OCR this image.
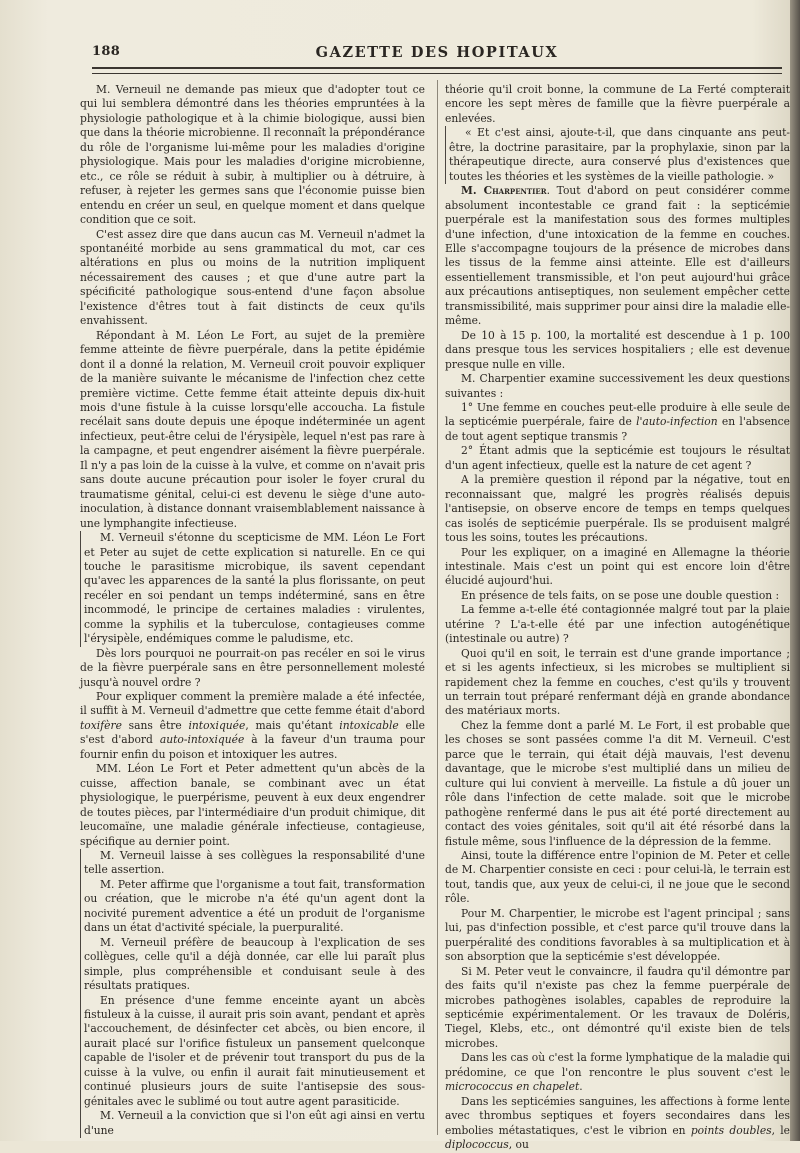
188	GAZETTE DES HOPITAUX

M. Verneuil ne demande pas mieux que d'adopter tout ce qui lui semblera démontré dans les théories empruntées à la physiologie pathologique et à la chimie biologique, aussi bien que dans la théorie microbienne. Il reconnaît la prépondérance du rôle de l'organisme lui-même pour les maladies d'origine physiologique. Mais pour les maladies d'origine microbienne, etc., ce rôle se réduit à subir, à multiplier ou à détruire, à refuser, à rejeter les germes sans que l'économie puisse bien entendu en créer un seul, en quelque moment et dans quelque condition que ce soit.

C'est assez dire que dans aucun cas M. Verneuil n'admet la spontanéité morbide au sens grammatical du mot, car ces altérations en plus ou moins de la nutrition impliquent nécessairement des causes ; et que d'une autre part la spécificité pathologique sous-entend d'une façon absolue l'existence d'êtres tout à fait distincts de ceux qu'ils envahissent.

Répondant à M. Léon Le Fort, au sujet de la première femme atteinte de fièvre puerpérale, dans la petite épidémie dont il a donné la relation, M. Verneuil croit pouvoir expliquer de la manière suivante le mécanisme de l'infection chez cette première victime. Cette femme était atteinte depuis dix-huit mois d'une fistule à la cuisse lorsqu'elle accoucha. La fistule recélait sans doute depuis une époque indéterminée un agent infectieux, peut-être celui de l'érysipèle, lequel n'est pas rare à la campagne, et peut engendrer aisément la fièvre puerpérale. Il n'y a pas loin de la cuisse à la vulve, et comme on n'avait pris sans doute aucune précaution pour isoler le foyer crural du traumatisme génital, celui-ci est devenu le siège d'une auto-inoculation, à distance donnant vraisemblablement naissance à une lymphangite infectieuse.

M. Verneuil s'étonne du scepticisme de MM. Léon Le Fort et Peter au sujet de cette explication si naturelle. En ce qui touche le parasitisme microbique, ils savent cependant qu'avec les apparences de la santé la plus florissante, on peut recéler en soi pendant un temps indéterminé, sans en être incommodé, le principe de certaines maladies : virulentes, comme la syphilis et la tuberculose, contagieuses comme l'érysipèle, endémiques comme le paludisme, etc.

Dès lors pourquoi ne pourrait-on pas recéler en soi le virus de la fièvre puerpérale sans en être personnellement molesté jusqu'à nouvel ordre ?

Pour expliquer comment la première malade a été infectée, il suffit à M. Verneuil d'admettre que cette femme était d'abord toxifère sans être intoxiquée, mais qu'étant intoxicable elle s'est d'abord auto-intoxiquée à la faveur d'un trauma pour fournir enfin du poison et intoxiquer les autres.

MM. Léon Le Fort et Peter admettent qu'un abcès de la cuisse, affection banale, se combinant avec un état physiologique, le puerpérisme, peuvent à eux deux engendrer de toutes pièces, par l'intermédiaire d'un produit chimique, dit leucomaïne, une maladie générale infectieuse, contagieuse, spécifique au dernier point.

M. Verneuil laisse à ses collègues la responsabilité d'une telle assertion.

M. Peter affirme que l'organisme a tout fait, transformation ou création, que le microbe n'a été qu'un agent dont la nocivité purement adventice a été un produit de l'organisme dans un état d'activité spéciale, la puerpuralité.

M. Verneuil préfère de beaucoup à l'explication de ses collègues, celle qu'il a déjà donnée, car elle lui paraît plus simple, plus compréhensible et conduisant seule à des résultats pratiques.

En présence d'une femme enceinte ayant un abcès fistuleux à la cuisse, il aurait pris soin avant, pendant et après l'accouchement, de désinfecter cet abcès, ou bien encore, il aurait placé sur l'orifice fistuleux un pansement quelconque capable de l'isoler et de prévenir tout transport du pus de la cuisse à la vulve, ou enfin il aurait fait minutieusement et continué plusieurs jours de suite l'antisepsie des sous-génitales avec le sublimé ou tout autre agent parasiticide.

M. Verneuil a la conviction que si l'on eût agi ainsi en vertu d'une

théorie qu'il croit bonne, la commune de La Ferté compterait encore les sept mères de famille que la fièvre puerpérale a enlevées.

« Et c'est ainsi, ajoute-t-il, que dans cinquante ans peut-être, la doctrine parasitaire, par la prophylaxie, sinon par la thérapeutique directe, aura conservé plus d'existences que toutes les théories et les systèmes de la vieille pathologie. »

M. Charpentier. Tout d'abord on peut considérer comme absolument incontestable ce grand fait : la septicémie puerpérale est la manifestation sous des formes multiples d'une infection, d'une intoxication de la femme en couches. Elle s'accompagne toujours de la présence de microbes dans les tissus de la femme ainsi atteinte. Elle est d'ailleurs essentiellement transmissible, et l'on peut aujourd'hui grâce aux précautions antiseptiques, non seulement empêcher cette transmissibilité, mais supprimer pour ainsi dire la maladie elle-même.

De 10 à 15 p. 100, la mortalité est descendue à 1 p. 100 dans presque tous les services hospitaliers ; elle est devenue presque nulle en ville.

M. Charpentier examine successivement les deux questions suivantes :

1° Une femme en couches peut-elle produire à elle seule de la septicémie puerpérale, faire de l'auto-infection en l'absence de tout agent septique transmis ?

2° Étant admis que la septicémie est toujours le résultat d'un agent infectieux, quelle est la nature de cet agent ?

A la première question il répond par la négative, tout en reconnaissant que, malgré les progrès réalisés depuis l'antisepsie, on observe encore de temps en temps quelques cas isolés de septicémie puerpérale. Ils se produisent malgré tous les soins, toutes les précautions.

Pour les expliquer, on a imaginé en Allemagne la théorie intestinale. Mais c'est un point qui est encore loin d'être élucidé aujourd'hui.

En présence de tels faits, on se pose une double question :

La femme a-t-elle été contagionnée malgré tout par la plaie utérine ? L'a-t-elle été par une infection autogénétique (intestinale ou autre) ?

Quoi qu'il en soit, le terrain est d'une grande importance ; et si les agents infectieux, si les microbes se multiplient si rapidement chez la femme en couches, c'est qu'ils y trouvent un terrain tout préparé renfermant déjà en grande abondance des matériaux morts.

Chez la femme dont a parlé M. Le Fort, il est probable que les choses se sont passées comme l'a dit M. Verneuil. C'est parce que le terrain, qui était déjà mauvais, l'est devenu davantage, que le microbe s'est multiplié dans un milieu de culture qui lui convient à merveille. La fistule a dû jouer un rôle dans l'infection de cette malade. soit que le microbe pathogène renfermé dans le pus ait été porté directement au contact des voies génitales, soit qu'il ait été résorbé dans la fistule même, sous l'influence de la dépression de la femme.

Ainsi, toute la différence entre l'opinion de M. Peter et celle de M. Charpentier consiste en ceci : pour celui-là, le terrain est tout, tandis que, aux yeux de celui-ci, il ne joue que le second rôle.

Pour M. Charpentier, le microbe est l'agent principal ; sans lui, pas d'infection possible, et c'est parce qu'il trouve dans la puerpéralité des conditions favorables à sa multiplication et à son absorption que la septicémie s'est développée.

Si M. Peter veut le convaincre, il faudra qu'il démontre par des faits qu'il n'existe pas chez la femme puerpérale de microbes pathogènes isolables, capables de reproduire la septicémie expérimentalement. Or les travaux de Doléris, Tiegel, Klebs, etc., ont démontré qu'il existe bien de tels microbes.

Dans les cas où c'est la forme lymphatique de la maladie qui prédomine, ce que l'on rencontre le plus souvent c'est le micrococcus en chapelet.

Dans les septicémies sanguines, les affections à forme lente avec thrombus septiques et foyers secondaires dans les embolies métastatiques, c'est le vibrion en points doubles, le diplococcus, ou
